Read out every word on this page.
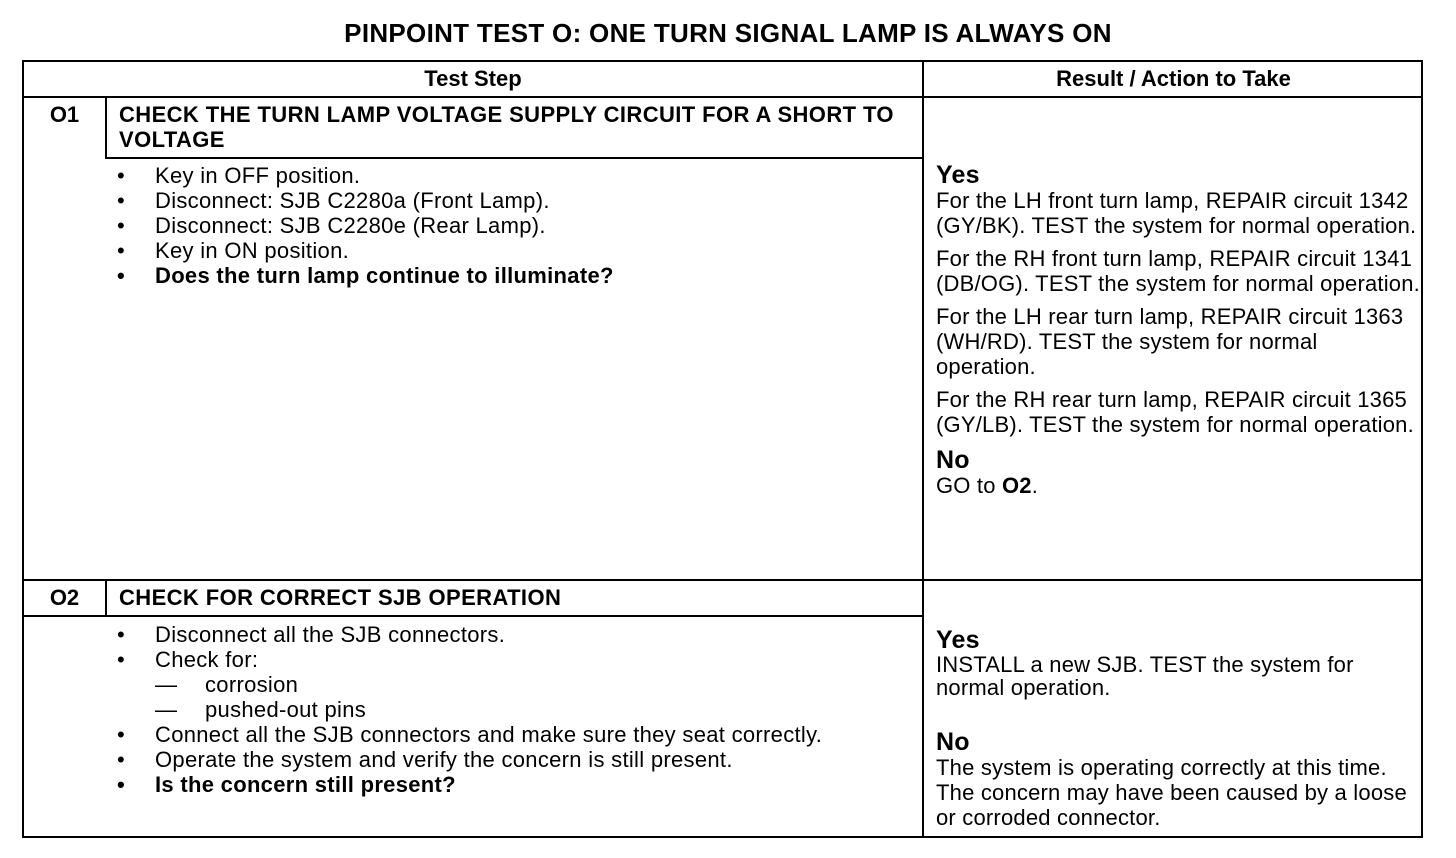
PINPOINT TEST O: ONE TURN SIGNAL LAMP IS ALWAYS ON
Test Step	Result / Action to Take
O1	CHECK THE TURN LAMP VOLTAGE SUPPLY CIRCUIT FOR A SHORT TO VOLTAGE
• Key in OFF position.
• Disconnect: SJB C2280a (Front Lamp).
• Disconnect: SJB C2280e (Rear Lamp).
• Key in ON position.
• Does the turn lamp continue to illuminate?
Yes

For the LH front turn lamp, REPAIR circuit 1342 (GY/BK). TEST the system for normal operation.

For the RH front turn lamp, REPAIR circuit 1341 (DB/OG). TEST the system for normal operation.

For the LH rear turn lamp, REPAIR circuit 1363 (WH/RD). TEST the system for normal operation.

For the RH rear turn lamp, REPAIR circuit 1365 (GY/LB). TEST the system for normal operation.

No
GO to O2.
O2	CHECK FOR CORRECT SJB OPERATION
• Disconnect all the SJB connectors.
• Check for:
— corrosion
— pushed-out pins
• Connect all the SJB connectors and make sure they seat correctly.
• Operate the system and verify the concern is still present.
• Is the concern still present?
Yes
INSTALL a new SJB. TEST the system for normal operation.
No
The system is operating correctly at this time. The concern may have been caused by a loose or corroded connector.
